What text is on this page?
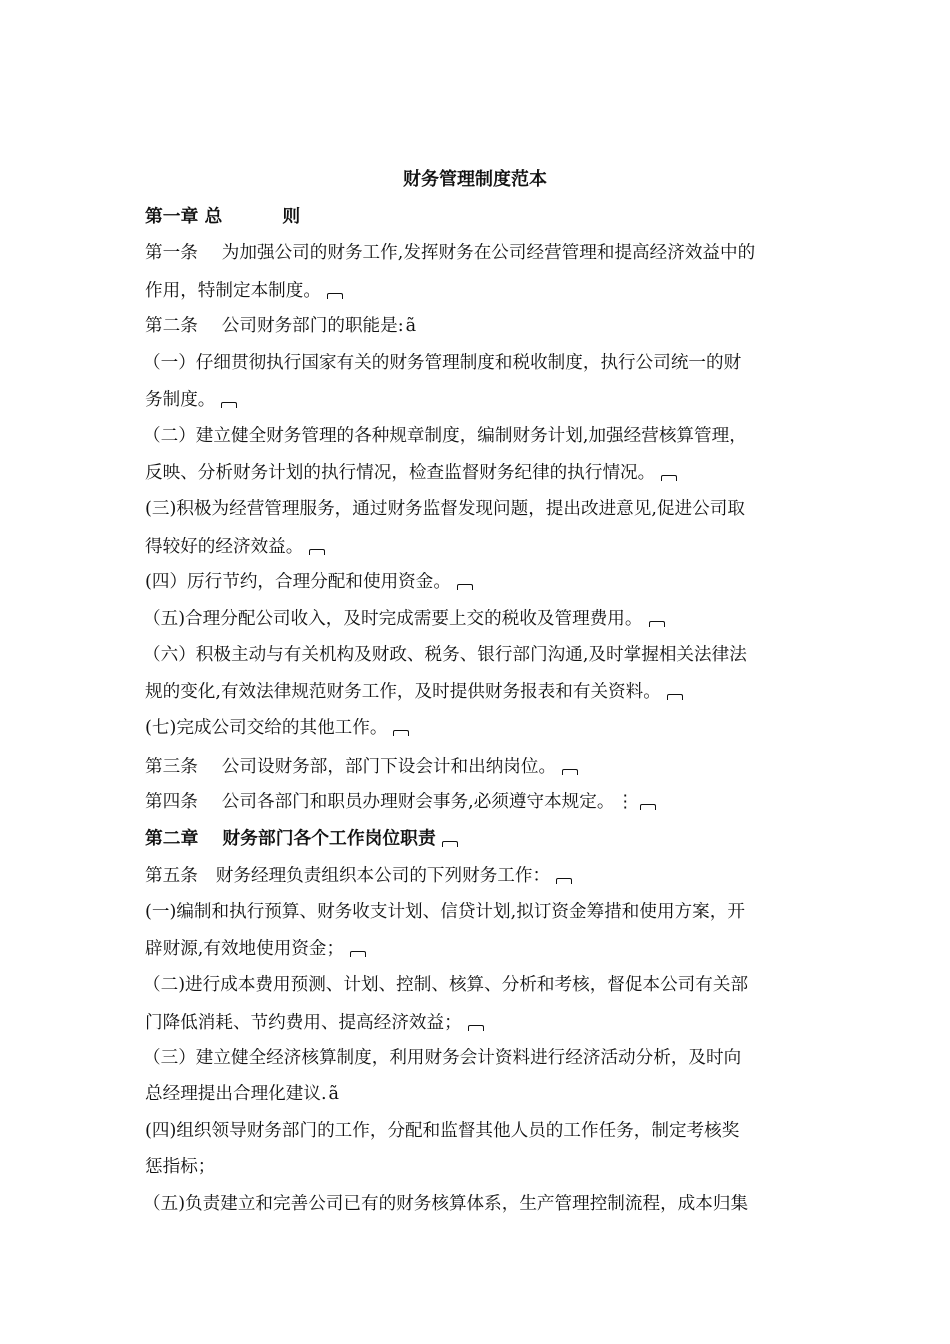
财务管理制度范本
第一章 总	则
第一条 为加强公司的财务工作,发挥财务在公司经营管理和提高经济效益中的
作用，特制定本制度。
第二条 公司财务部门的职能是: ã
（一）仔细贯彻执行国家有关的财务管理制度和税收制度，执行公司统一的财
务制度。
（二）建立健全财务管理的各种规章制度，编制财务计划,加强经营核算管理，
反映、分析财务计划的执行情况，检查监督财务纪律的执行情况。
(三)积极为经营管理服务，通过财务监督发现问题，提出改进意见,促进公司取
得较好的经济效益。
(四）厉行节约，合理分配和使用资金。
（五)合理分配公司收入，及时完成需要上交的税收及管理费用。
（六）积极主动与有关机构及财政、税务、银行部门沟通,及时掌握相关法律法
规的变化,有效法律规范财务工作，及时提供财务报表和有关资料。
(七)完成公司交给的其他工作。
第三条 公司设财务部，部门下设会计和出纳岗位。
第四条 公司各部门和职员办理财会事务,必须遵守本规定。 ⋮
第二章 财务部门各个工作岗位职责
第五条 财务经理负责组织本公司的下列财务工作：
(一)编制和执行预算、财务收支计划、信贷计划,拟订资金筹措和使用方案，开
辟财源,有效地使用资金；
（二)进行成本费用预测、计划、控制、核算、分析和考核，督促本公司有关部
门降低消耗、节约费用、提高经济效益；
（三）建立健全经济核算制度，利用财务会计资料进行经济活动分析，及时向
总经理提出合理化建议. ã
(四)组织领导财务部门的工作，分配和监督其他人员的工作任务，制定考核奖
惩指标；
（五)负责建立和完善公司已有的财务核算体系，生产管理控制流程，成本归集
